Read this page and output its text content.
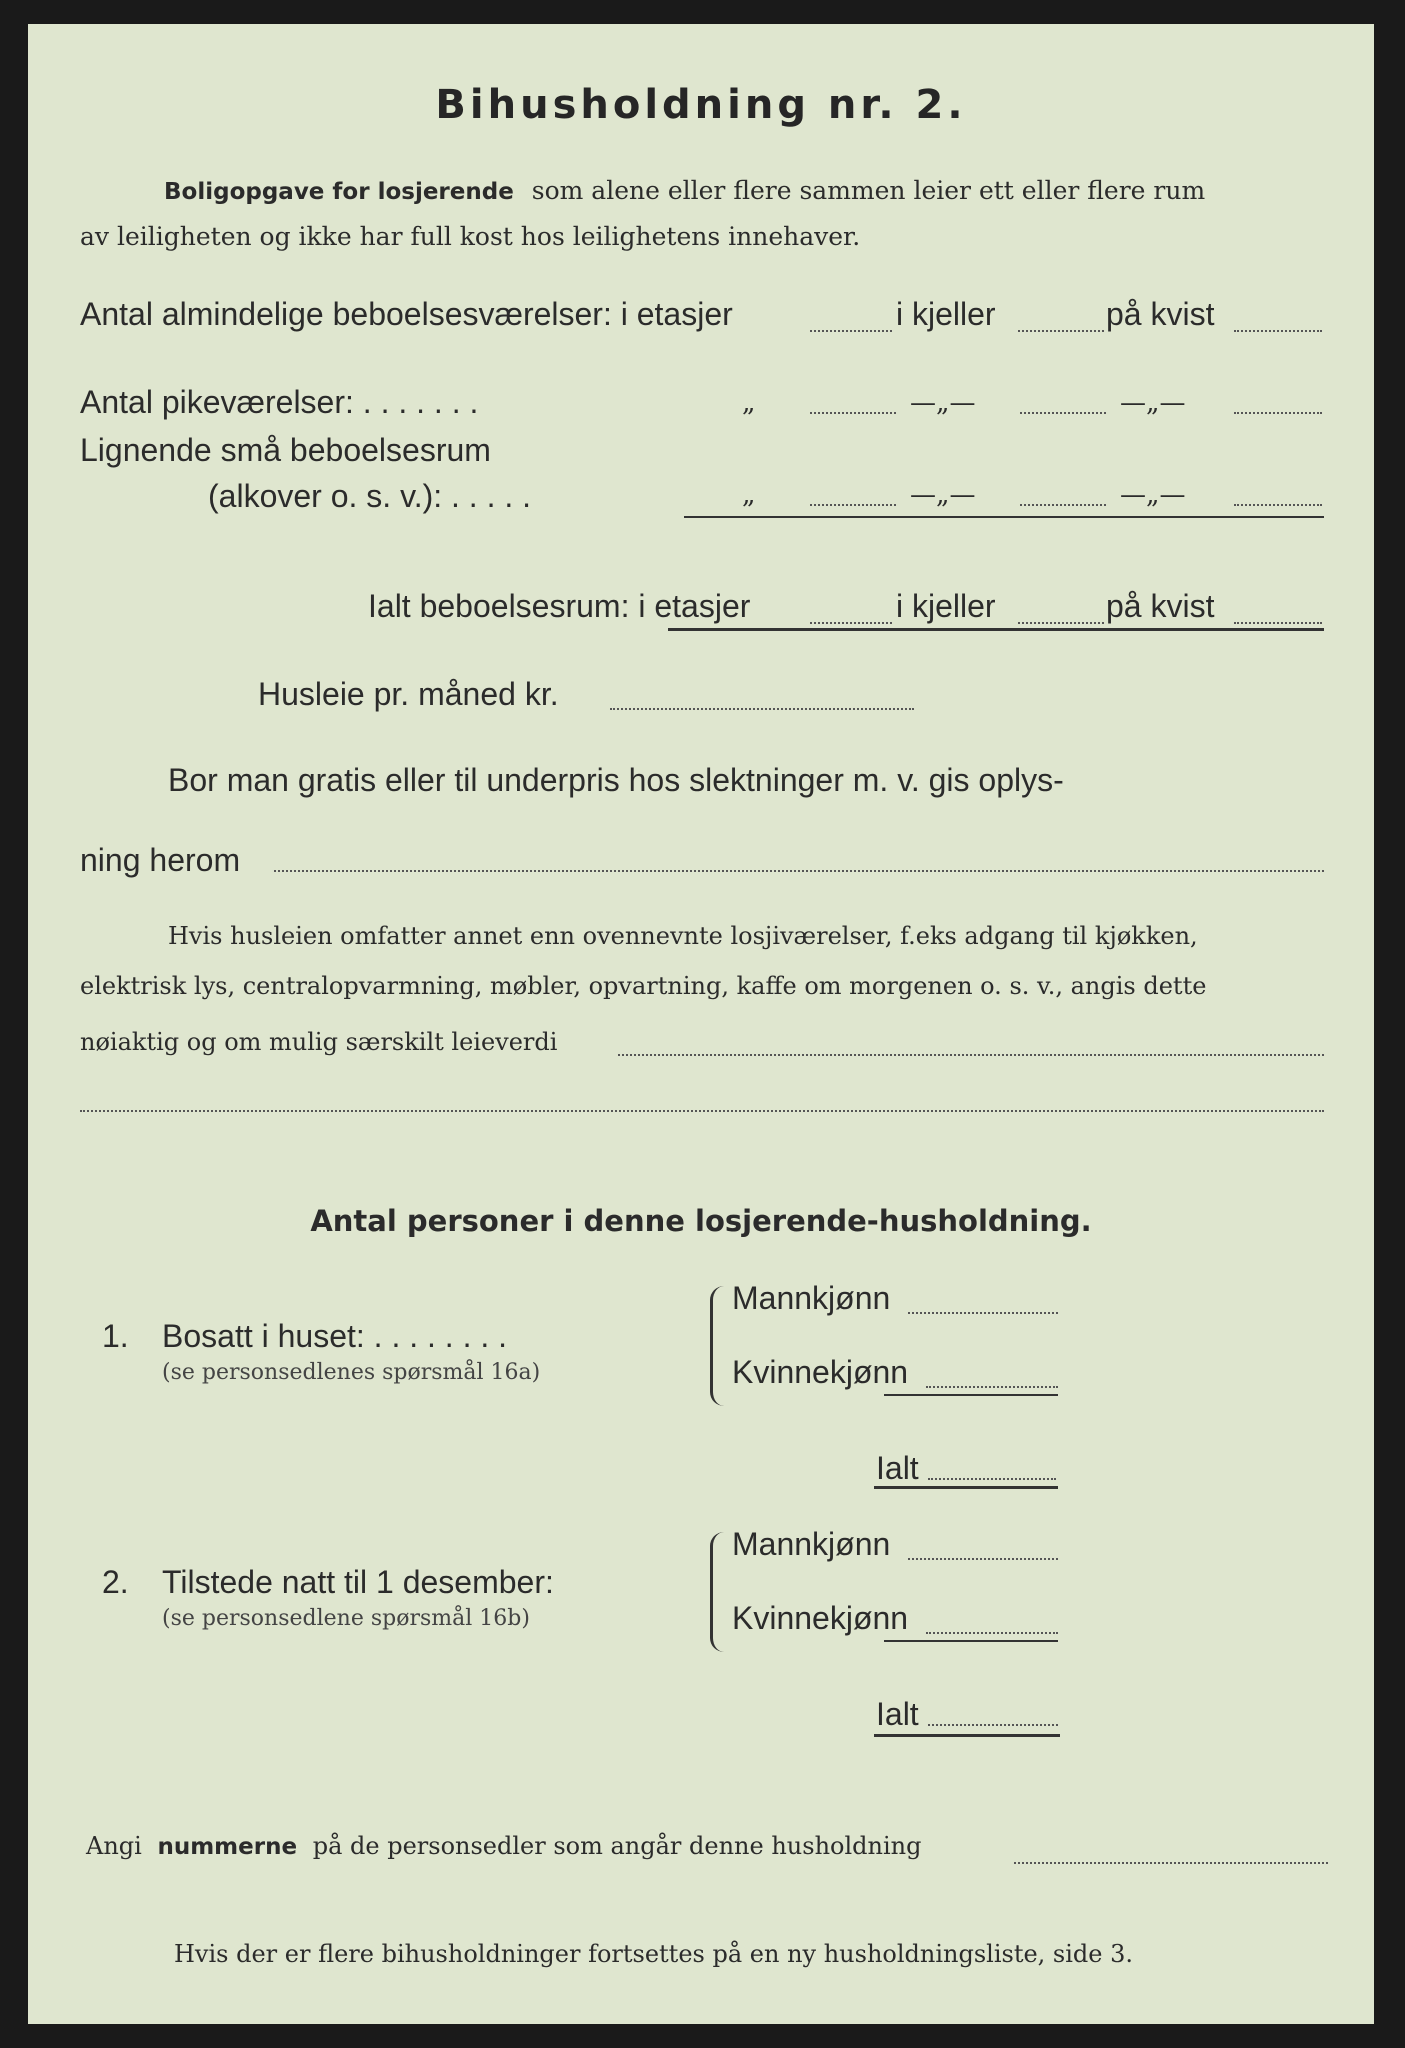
Bihusholdning nr. 2.
Boligopgave for losjerende som alene eller flere sammen leier ett eller flere rum
av leiligheten og ikke har full kost hos leilighetens innehaver.
Antal almindelige beboelsesværelser: i etasjer	i kjeller	på kvist
Antal pikeværelser: . . . . . . .	„	—„—	—„—
Lignende små beboelsesrum
(alkover o. s. v.): . . . . .	„	—„—	—„—
Ialt beboelsesrum: i etasjer	i kjeller	på kvist
Husleie pr. måned kr.
Bor man gratis eller til underpris hos slektninger m. v. gis oplys-
ning herom
Hvis husleien omfatter annet enn ovennevnte losjiværelser, f.eks adgang til kjøkken,
elektrisk lys, centralopvarmning, møbler, opvartning, kaffe om morgenen o. s. v., angis dette
nøiaktig og om mulig særskilt leieverdi
Antal personer i denne losjerende-husholdning.
1. Bosatt i huset: . . . . . . . .
(se personsedlenes spørsmål 16a)
Mannkjønn
Kvinnekjønn
Ialt
2. Tilstede natt til 1 desember:
(se personsedlene spørsmål 16b)
Mannkjønn
Kvinnekjønn
Ialt
Angi nummerne på de personsedler som angår denne husholdning
Hvis der er flere bihusholdninger fortsettes på en ny husholdningsliste, side 3.
